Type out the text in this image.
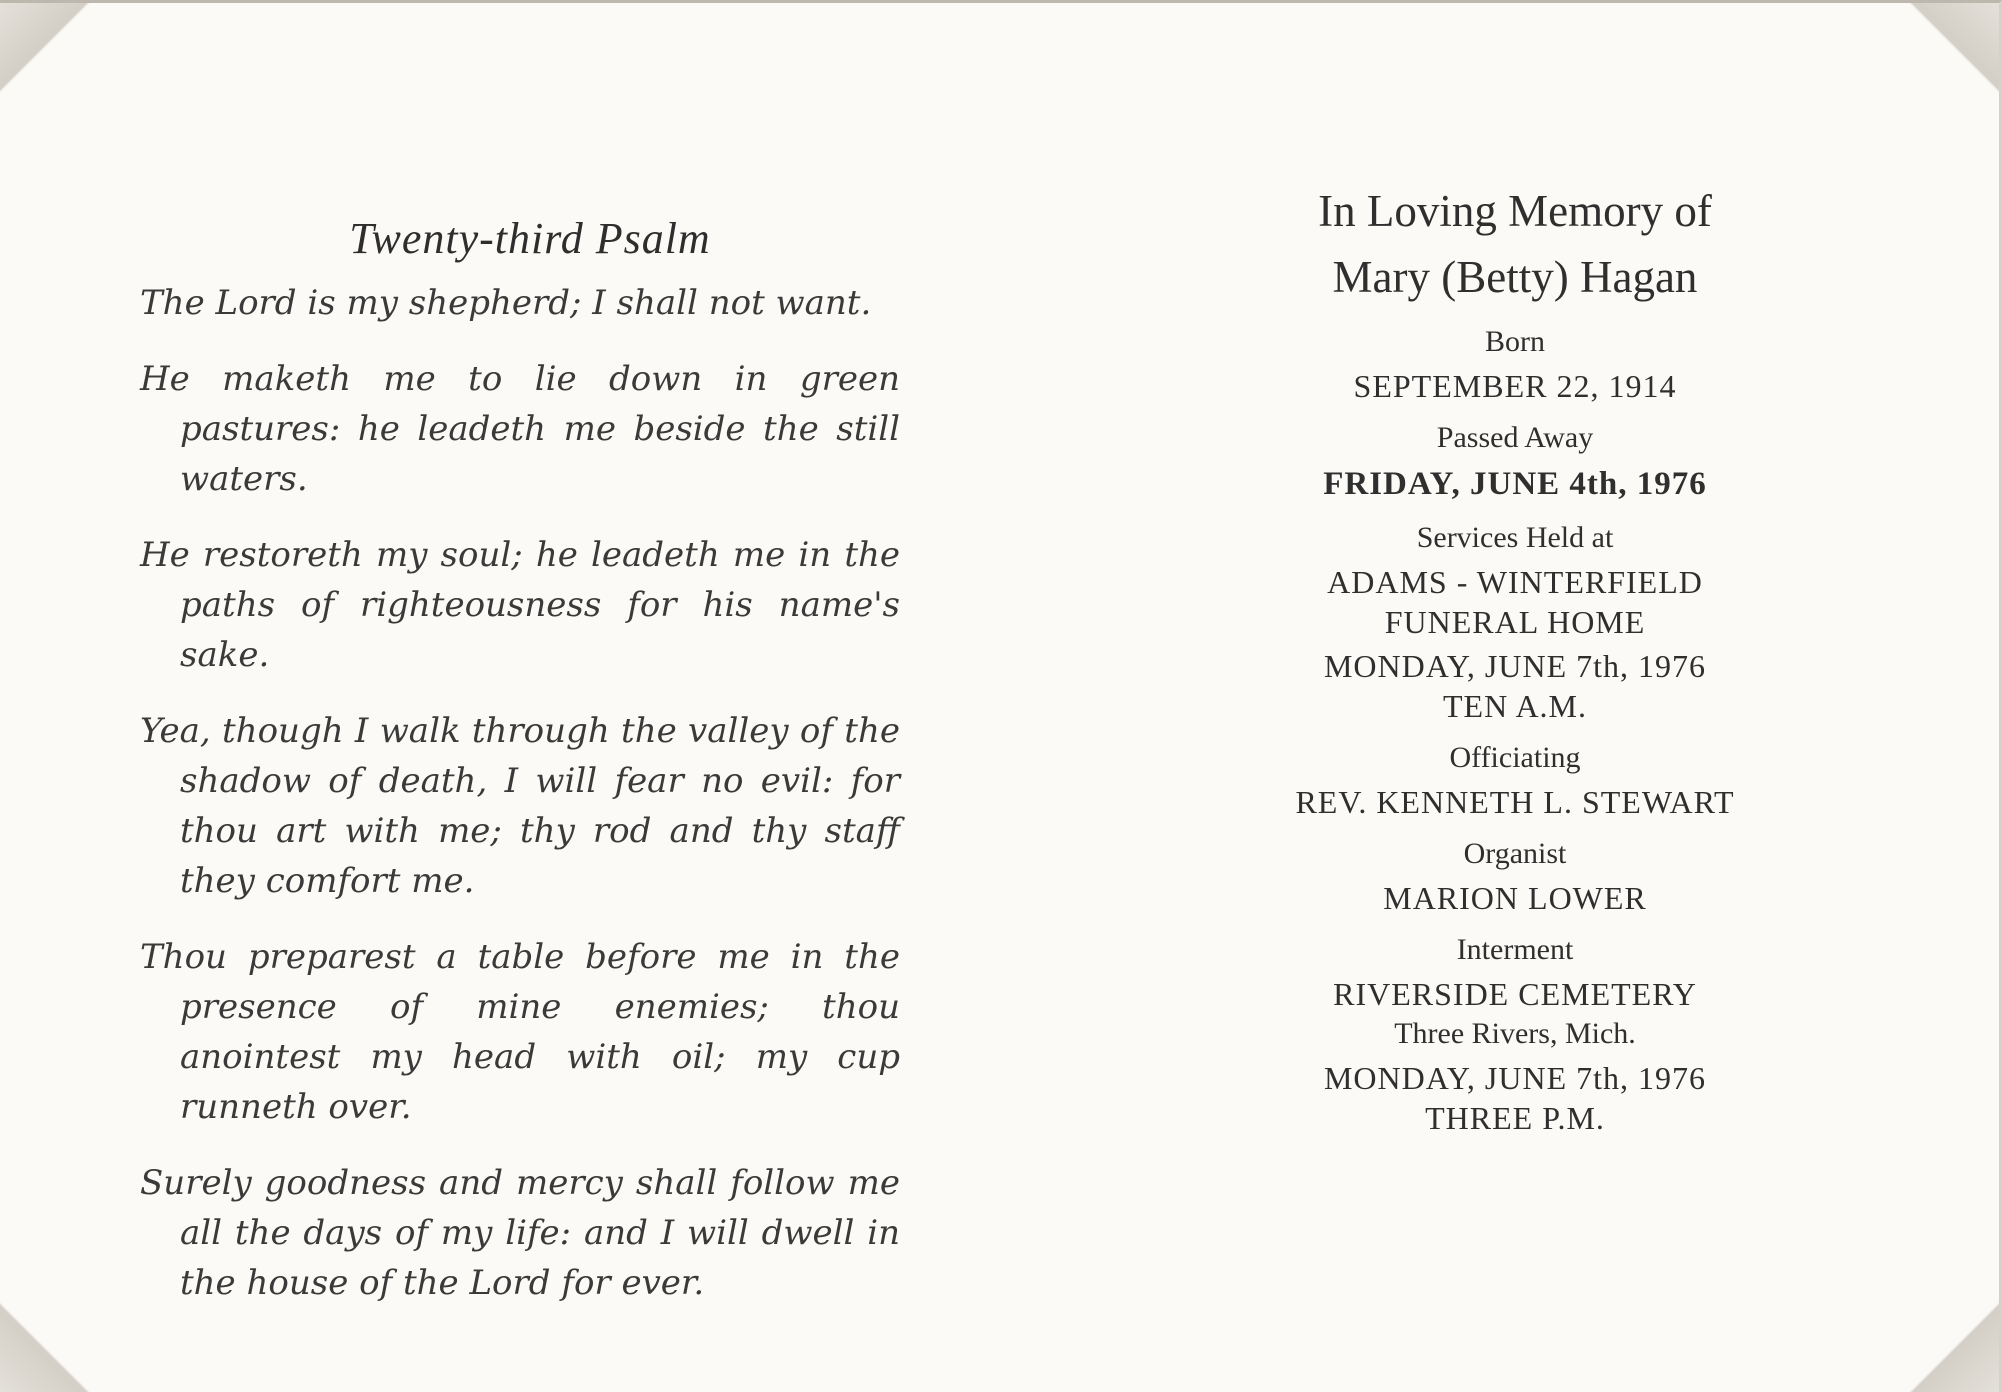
Twenty-third Psalm

The Lord is my shepherd; I shall not want.

He maketh me to lie down in green pastures: he leadeth me beside the still waters.

He restoreth my soul; he leadeth me in the paths of righteousness for his name's sake.

Yea, though I walk through the valley of the shadow of death, I will fear no evil: for thou art with me; thy rod and thy staff they comfort me.

Thou preparest a table before me in the presence of mine enemies; thou anointest my head with oil; my cup runneth over.

Surely goodness and mercy shall follow me all the days of my life: and I will dwell in the house of the Lord for ever.

In Loving Memory of
Mary (Betty) Hagan
Born
SEPTEMBER 22, 1914
Passed Away
FRIDAY, JUNE 4th, 1976
Services Held at
ADAMS - WINTERFIELD
FUNERAL HOME
MONDAY, JUNE 7th, 1976
TEN A.M.
Officiating
REV. KENNETH L. STEWART
Organist
MARION LOWER
Interment
RIVERSIDE CEMETERY
Three Rivers, Mich.
MONDAY, JUNE 7th, 1976
THREE P.M.
